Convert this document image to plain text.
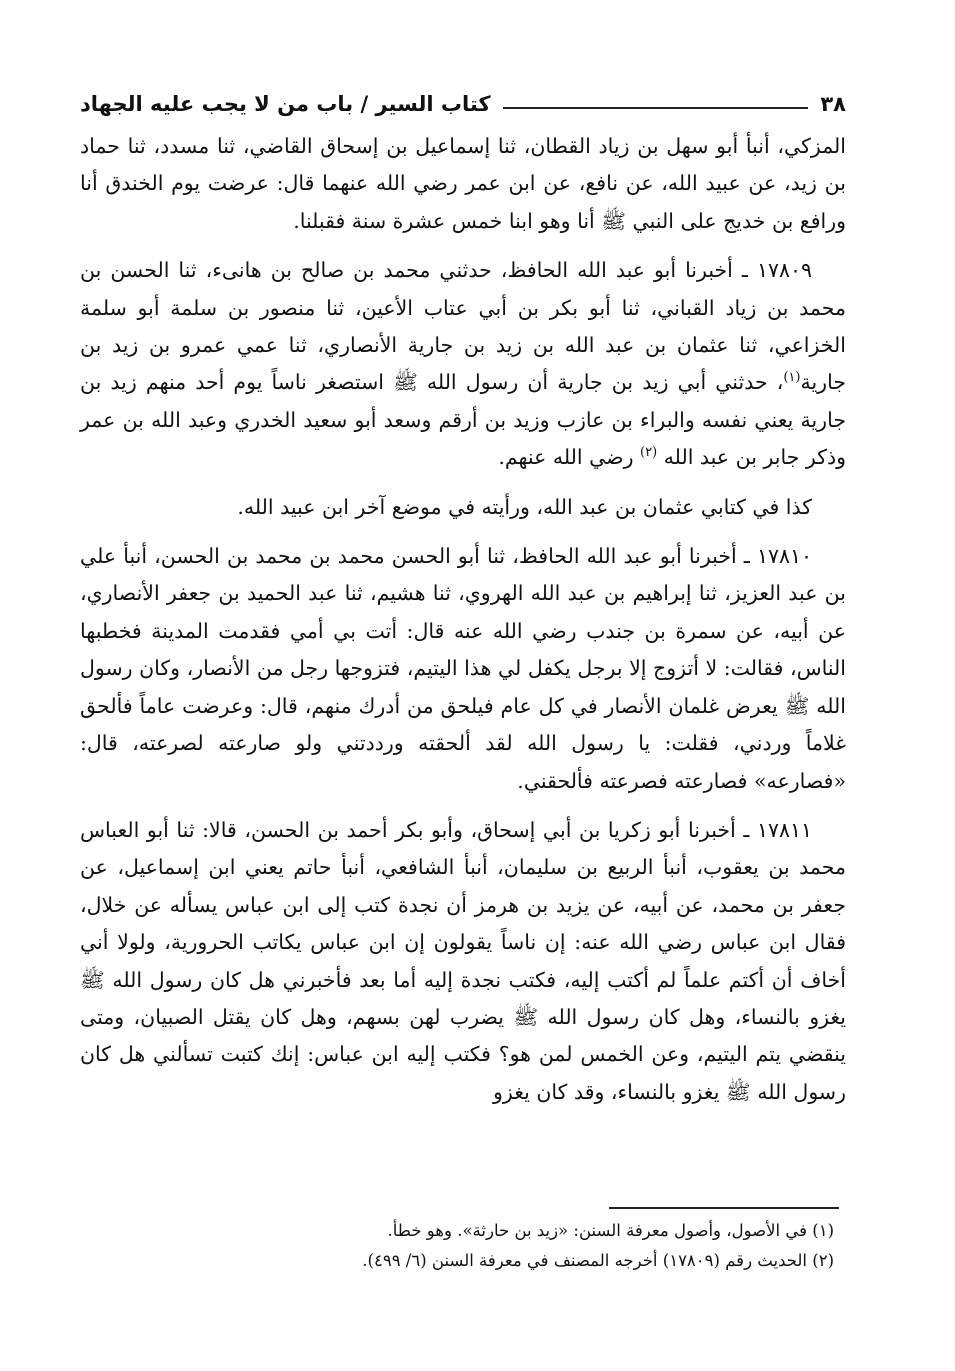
٣٨
كتاب السير / باب من لا يجب عليه الجهاد

المزكي، أنبأ أبو سهل بن زياد القطان، ثنا إسماعيل بن إسحاق القاضي، ثنا مسدد، ثنا حماد بن زيد، عن عبيد الله، عن نافع، عن ابن عمر رضي الله عنهما قال: عرضت يوم الخندق أنا ورافع بن خديج على النبي ﷺ أنا وهو ابنا خمس عشرة سنة فقبلنا.

١٧٨٠٩ ـ أخبرنا أبو عبد الله الحافظ، حدثني محمد بن صالح بن هانىء، ثنا الحسن بن محمد بن زياد القباني، ثنا أبو بكر بن أبي عتاب الأعين، ثنا منصور بن سلمة أبو سلمة الخزاعي، ثنا عثمان بن عبد الله بن زيد بن جارية الأنصاري، ثنا عمي عمرو بن زيد بن جارية$^{(١)}$، حدثني أبي زيد بن جارية أن رسول الله ﷺ استصغر ناساً يوم أحد منهم زيد بن جارية يعني نفسه والبراء بن عازب وزيد بن أرقم وسعد أبو سعيد الخدري وعبد الله بن عمر وذكر جابر بن عبد الله $^{(٢)}$ رضي الله عنهم.

كذا في كتابي عثمان بن عبد الله، ورأيته في موضع آخر ابن عبيد الله.

١٧٨١٠ ـ أخبرنا أبو عبد الله الحافظ، ثنا أبو الحسن محمد بن محمد بن الحسن، أنبأ علي بن عبد العزيز، ثنا إبراهيم بن عبد الله الهروي، ثنا هشيم، ثنا عبد الحميد بن جعفر الأنصاري، عن أبيه، عن سمرة بن جندب رضي الله عنه قال: أتت بي أمي فقدمت المدينة فخطبها الناس، فقالت: لا أتزوج إلا برجل يكفل لي هذا اليتيم، فتزوجها رجل من الأنصار، وكان رسول الله ﷺ يعرض غلمان الأنصار في كل عام فيلحق من أدرك منهم، قال: وعرضت عاماً فألحق غلاماً وردني، فقلت: يا رسول الله لقد ألحقته ورددتني ولو صارعته لصرعته، قال: «فصارعه» فصارعته فصرعته فألحقني.

١٧٨١١ ـ أخبرنا أبو زكريا بن أبي إسحاق، وأبو بكر أحمد بن الحسن، قالا: ثنا أبو العباس محمد بن يعقوب، أنبأ الربيع بن سليمان، أنبأ الشافعي، أنبأ حاتم يعني ابن إسماعيل، عن جعفر بن محمد، عن أبيه، عن يزيد بن هرمز أن نجدة كتب إلى ابن عباس يسأله عن خلال، فقال ابن عباس رضي الله عنه: إن ناساً يقولون إن ابن عباس يكاتب الحرورية، ولولا أني أخاف أن أكتم علماً لم أكتب إليه، فكتب نجدة إليه أما بعد فأخبرني هل كان رسول الله ﷺ يغزو بالنساء، وهل كان رسول الله ﷺ يضرب لهن بسهم، وهل كان يقتل الصبيان، ومتى ينقضي يتم اليتيم، وعن الخمس لمن هو؟ فكتب إليه ابن عباس: إنك كتبت تسألني هل كان رسول الله ﷺ يغزو بالنساء، وقد كان يغزو

(١) في الأصول، وأصول معرفة السنن: «زيد بن حارثة». وهو خطأ.

(٢) الحديث رقم (١٧٨٠٩) أخرجه المصنف في معرفة السنن (٦/ ٤٩٩).
